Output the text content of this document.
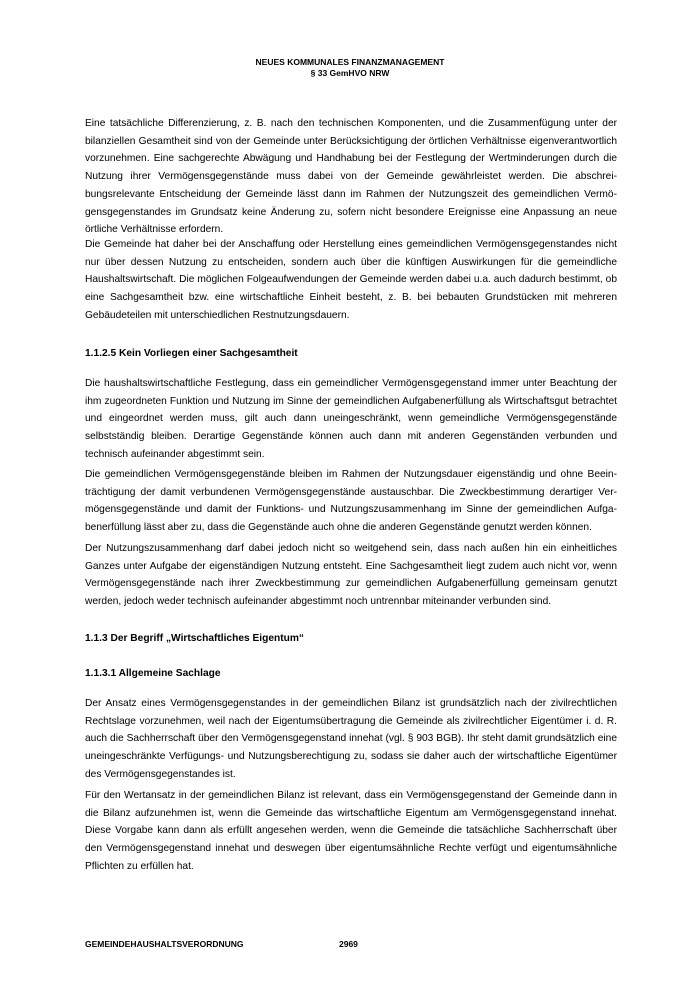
NEUES KOMMUNALES FINANZMANAGEMENT
§ 33 GemHVO NRW

Eine tatsächliche Differenzierung, z. B. nach den technischen Komponenten, und die Zusammenfügung unter der bilanziellen Gesamtheit sind von der Gemeinde unter Berücksichtigung der örtlichen Verhältnisse eigenverantwortlich vorzunehmen. Eine sachgerechte Abwägung und Handhabung bei der Festlegung der Wertminderungen durch die Nutzung ihrer Vermögensgegenstände muss dabei von der Gemeinde gewährleistet werden. Die abschreibungsrelevante Entscheidung der Gemeinde lässt dann im Rahmen der Nutzungszeit des gemeindlichen Vermögensgegenstandes im Grundsatz keine Änderung zu, sofern nicht besondere Ereignisse eine Anpassung an neue örtliche Verhältnisse erfordern.

Die Gemeinde hat daher bei der Anschaffung oder Herstellung eines gemeindlichen Vermögensgegenstandes nicht nur über dessen Nutzung zu entscheiden, sondern auch über die künftigen Auswirkungen für die gemeindliche Haushaltswirtschaft. Die möglichen Folgeaufwendungen der Gemeinde werden dabei u.a. auch dadurch bestimmt, ob eine Sachgesamtheit bzw. eine wirtschaftliche Einheit besteht, z. B. bei bebauten Grundstücken mit mehreren Gebäudeteilen mit unterschiedlichen Restnutzungsdauern.

1.1.2.5 Kein Vorliegen einer Sachgesamtheit

Die haushaltswirtschaftliche Festlegung, dass ein gemeindlicher Vermögensgegenstand immer unter Beachtung der ihm zugeordneten Funktion und Nutzung im Sinne der gemeindlichen Aufgabenerfüllung als Wirtschaftsgut betrachtet und eingeordnet werden muss, gilt auch dann uneingeschränkt, wenn gemeindliche Vermögensgegenstände selbstständig bleiben. Derartige Gegenstände können auch dann mit anderen Gegenständen verbunden und technisch aufeinander abgestimmt sein.

Die gemeindlichen Vermögensgegenstände bleiben im Rahmen der Nutzungsdauer eigenständig und ohne Beeinträchtigung der damit verbundenen Vermögensgegenstände austauschbar. Die Zweckbestimmung derartiger Vermögensgegenstände und damit der Funktions- und Nutzungszusammenhang im Sinne der gemeindlichen Aufgabenerfüllung lässt aber zu, dass die Gegenstände auch ohne die anderen Gegenstände genutzt werden können.

Der Nutzungszusammenhang darf dabei jedoch nicht so weitgehend sein, dass nach außen hin ein einheitliches Ganzes unter Aufgabe der eigenständigen Nutzung entsteht. Eine Sachgesamtheit liegt zudem auch nicht vor, wenn Vermögensgegenstände nach ihrer Zweckbestimmung zur gemeindlichen Aufgabenerfüllung gemeinsam genutzt werden, jedoch weder technisch aufeinander abgestimmt noch untrennbar miteinander verbunden sind.

1.1.3 Der Begriff „Wirtschaftliches Eigentum“
1.1.3.1 Allgemeine Sachlage

Der Ansatz eines Vermögensgegenstandes in der gemeindlichen Bilanz ist grundsätzlich nach der zivilrechtlichen Rechtslage vorzunehmen, weil nach der Eigentumsübertragung die Gemeinde als zivilrechtlicher Eigentümer i. d. R. auch die Sachherrschaft über den Vermögensgegenstand innehat (vgl. § 903 BGB). Ihr steht damit grundsätzlich eine uneingeschränkte Verfügungs- und Nutzungsberechtigung zu, sodass sie daher auch der wirtschaftliche Eigentümer des Vermögensgegenstandes ist.

Für den Wertansatz in der gemeindlichen Bilanz ist relevant, dass ein Vermögensgegenstand der Gemeinde dann in die Bilanz aufzunehmen ist, wenn die Gemeinde das wirtschaftliche Eigentum am Vermögensgegenstand innehat. Diese Vorgabe kann dann als erfüllt angesehen werden, wenn die Gemeinde die tatsächliche Sachherrschaft über den Vermögensgegenstand innehat und deswegen über eigentumsähnliche Rechte verfügt und eigentumsähnliche Pflichten zu erfüllen hat.

GEMEINDEHAUSHALTSVERORDNUNG	2969
